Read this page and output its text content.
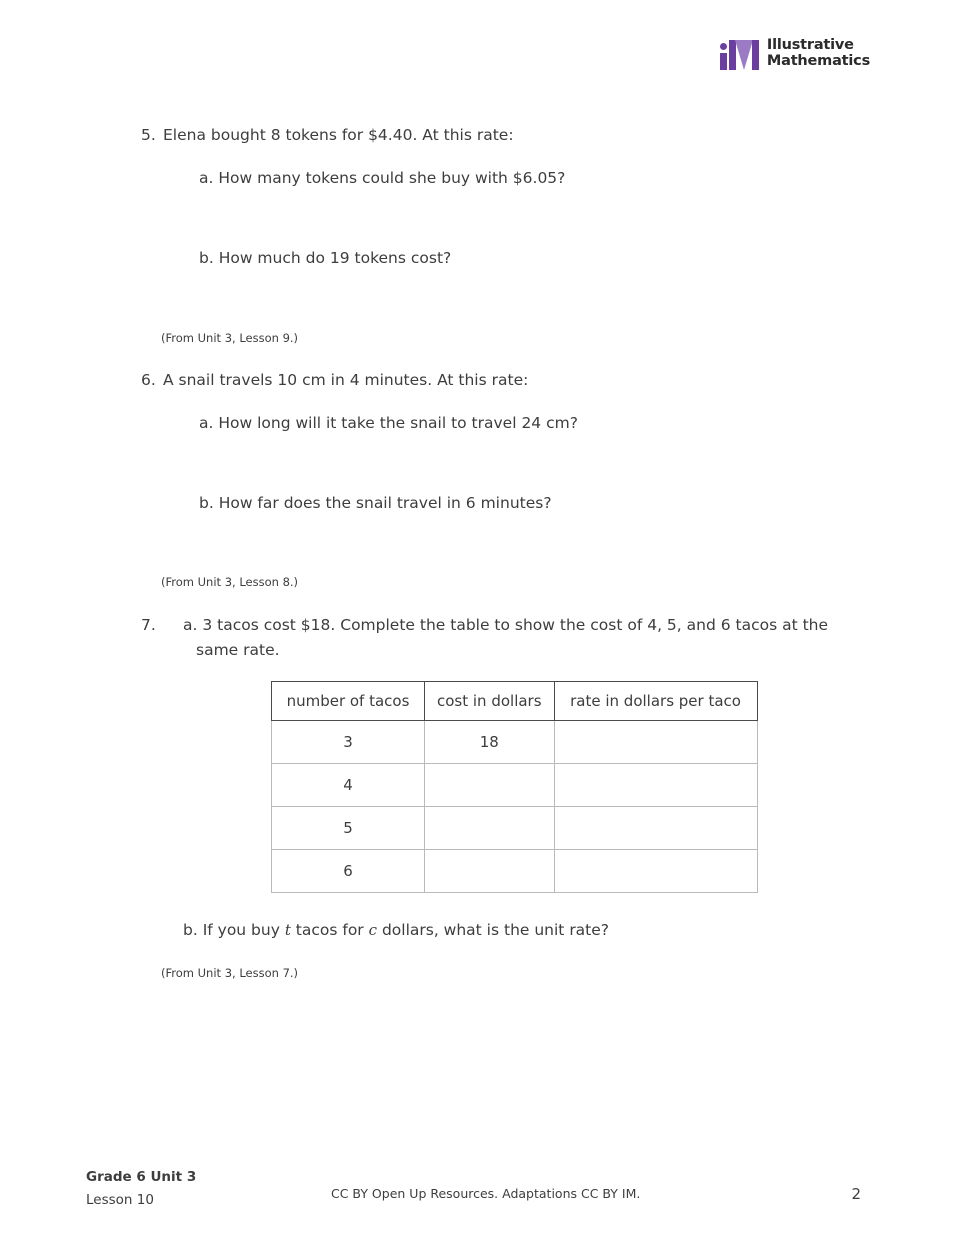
Illustrative
Mathematics
5. Elena bought 8 tokens for $4.40. At this rate:
a. How many tokens could she buy with $6.05?
b. How much do 19 tokens cost?
(From Unit 3, Lesson 9.)
6. A snail travels 10 cm in 4 minutes. At this rate:
a. How long will it take the snail to travel 24 cm?
b. How far does the snail travel in 6 minutes?
(From Unit 3, Lesson 8.)
7. a. 3 tacos cost $18. Complete the table to show the cost of 4, 5, and 6 tacos at the
same rate.
number of tacos	cost in dollars	rate in dollars per taco
3	18	
4		
5		
6		
b. If you buy t tacos for c dollars, what is the unit rate?
(From Unit 3, Lesson 7.)
Grade 6 Unit 3
Lesson 10	CC BY Open Up Resources. Adaptations CC BY IM.	2
